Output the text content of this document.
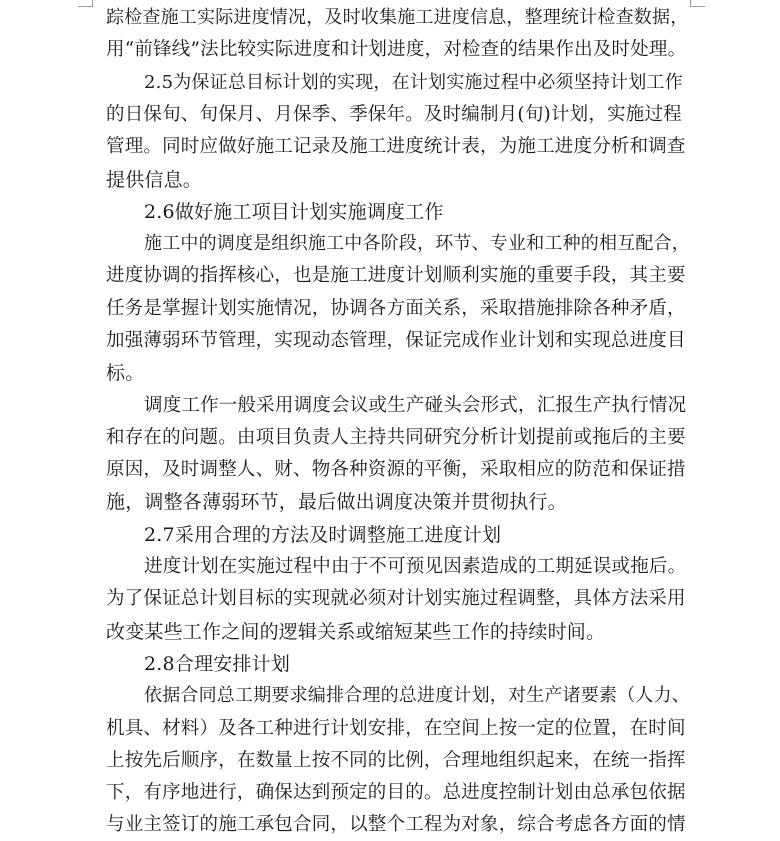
踪检查施工实际进度情况，及时收集施工进度信息，整理统计检查数据，
用“前锋线”法比较实际进度和计划进度，对检查的结果作出及时处理。
2.5为保证总目标计划的实现，在计划实施过程中必须坚持计划工作
的日保旬、旬保月、月保季、季保年。及时编制月(旬)计划，实施过程
管理。同时应做好施工记录及施工进度统计表，为施工进度分析和调查
提供信息。
2.6做好施工项目计划实施调度工作
施工中的调度是组织施工中各阶段，环节、专业和工种的相互配合，
进度协调的指挥核心，也是施工进度计划顺利实施的重要手段，其主要
任务是掌握计划实施情况，协调各方面关系，采取措施排除各种矛盾，
加强薄弱环节管理，实现动态管理，保证完成作业计划和实现总进度目
标。
调度工作一般采用调度会议或生产碰头会形式，汇报生产执行情况
和存在的问题。由项目负责人主持共同研究分析计划提前或拖后的主要
原因，及时调整人、财、物各种资源的平衡，采取相应的防范和保证措
施，调整各薄弱环节，最后做出调度决策并贯彻执行。
2.7采用合理的方法及时调整施工进度计划
进度计划在实施过程中由于不可预见因素造成的工期延误或拖后。
为了保证总计划目标的实现就必须对计划实施过程调整，具体方法采用
改变某些工作之间的逻辑关系或缩短某些工作的持续时间。
2.8合理安排计划
依据合同总工期要求编排合理的总进度计划，对生产诸要素（人力、
机具、材料）及各工种进行计划安排，在空间上按一定的位置，在时间
上按先后顺序，在数量上按不同的比例，合理地组织起来，在统一指挥
下，有序地进行，确保达到预定的目的。总进度控制计划由总承包依据
与业主签订的施工承包合同，以整个工程为对象，综合考虑各方面的情
